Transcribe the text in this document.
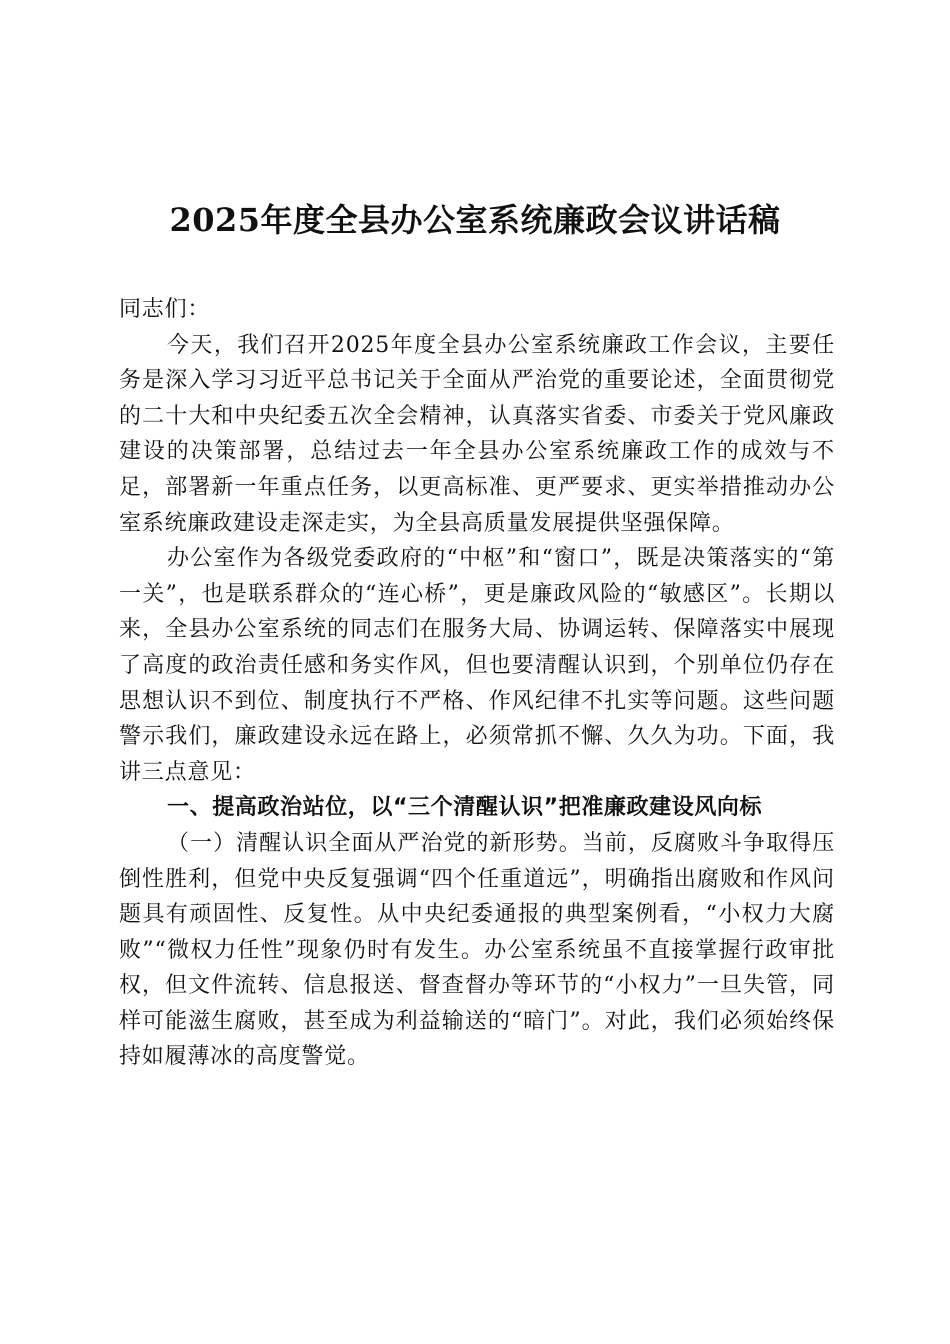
2025年度全县办公室系统廉政会议讲话稿

同志们：

今天，我们召开2025年度全县办公室系统廉政工作会议，主要任务是深入学习习近平总书记关于全面从严治党的重要论述，全面贯彻党的二十大和中央纪委五次全会精神，认真落实省委、市委关于党风廉政建设的决策部署，总结过去一年全县办公室系统廉政工作的成效与不足，部署新一年重点任务，以更高标准、更严要求、更实举措推动办公室系统廉政建设走深走实，为全县高质量发展提供坚强保障。

办公室作为各级党委政府的“中枢”和“窗口”，既是决策落实的“第一关”，也是联系群众的“连心桥”，更是廉政风险的“敏感区”。长期以来，全县办公室系统的同志们在服务大局、协调运转、保障落实中展现了高度的政治责任感和务实作风，但也要清醒认识到，个别单位仍存在思想认识不到位、制度执行不严格、作风纪律不扎实等问题。这些问题警示我们，廉政建设永远在路上，必须常抓不懈、久久为功。下面，我讲三点意见：

一、提高政治站位，以“三个清醒认识”把准廉政建设风向标

（一）清醒认识全面从严治党的新形势。当前，反腐败斗争取得压倒性胜利，但党中央反复强调“四个任重道远”，明确指出腐败和作风问题具有顽固性、反复性。从中央纪委通报的典型案例看，“小权力大腐败”“微权力任性”现象仍时有发生。办公室系统虽不直接掌握行政审批权，但文件流转、信息报送、督查督办等环节的“小权力”一旦失管，同样可能滋生腐败，甚至成为利益输送的“暗门”。对此，我们必须始终保持如履薄冰的高度警觉。
